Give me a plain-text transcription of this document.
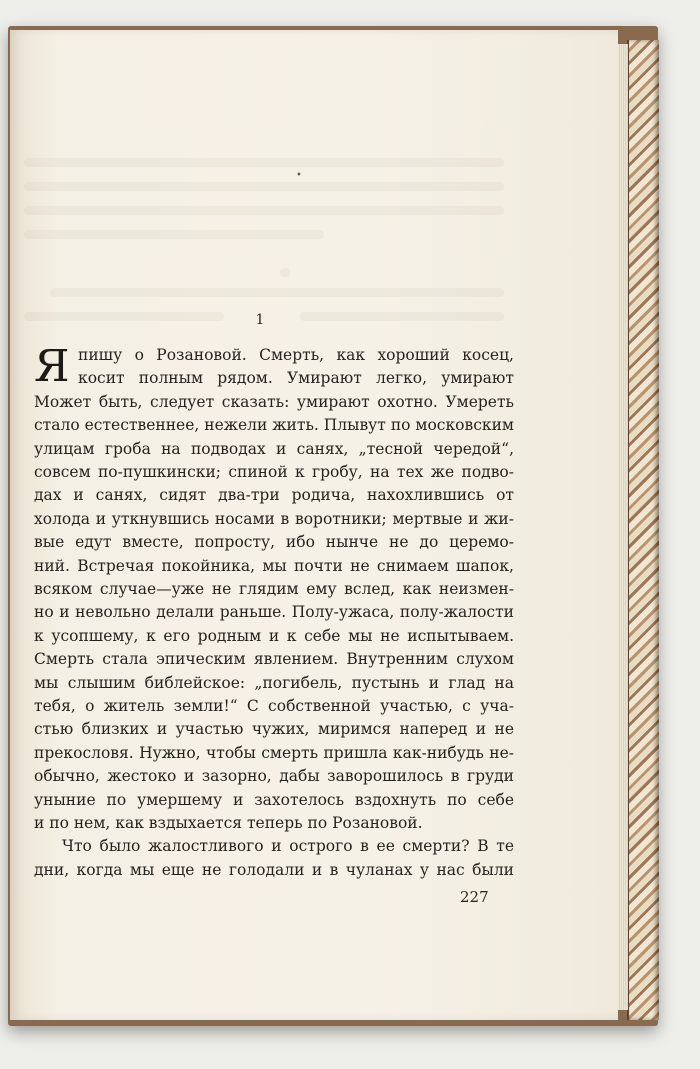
•
1
Я пишу о Розановой. Смерть, как хороший косец,
косит полным рядом. Умирают легко, умирают
Может быть, следует сказать: умирают охотно. Умереть
стало естественнее, нежели жить. Плывут по московским
улицам гроба на подводах и санях, „тесной чередой“,
совсем по-пушкински; спиной к гробу, на тех же подво-
дах и санях, сидят два-три родича, нахохлившись от
холода и уткнувшись носами в воротники; мертвые и жи-
вые едут вместе, попросту, ибо нынче не до церемо-
ний. Встречая покойника, мы почти не снимаем шапок,
всяком случае—уже не глядим ему вслед, как неизмен-
но и невольно делали раньше. Полу-ужаса, полу-жалости
к усопшему, к его родным и к себе мы не испытываем.
Смерть стала эпическим явлением. Внутренним слухом
мы слышим библейское: „погибель, пустынь и глад на
тебя, о житель земли!“ С собственной участью, с уча-
стью близких и участью чужих, миримся наперед и не
прекословя. Нужно, чтобы смерть пришла как-нибудь не-
обычно, жестоко и зазорно, дабы заворошилось в груди
уныние по умершему и захотелось вздохнуть по себе
и по нем, как вздыхается теперь по Розановой.
Что было жалостливого и острого в ее смерти? В те
дни, когда мы еще не голодали и в чуланах у нас были
227
